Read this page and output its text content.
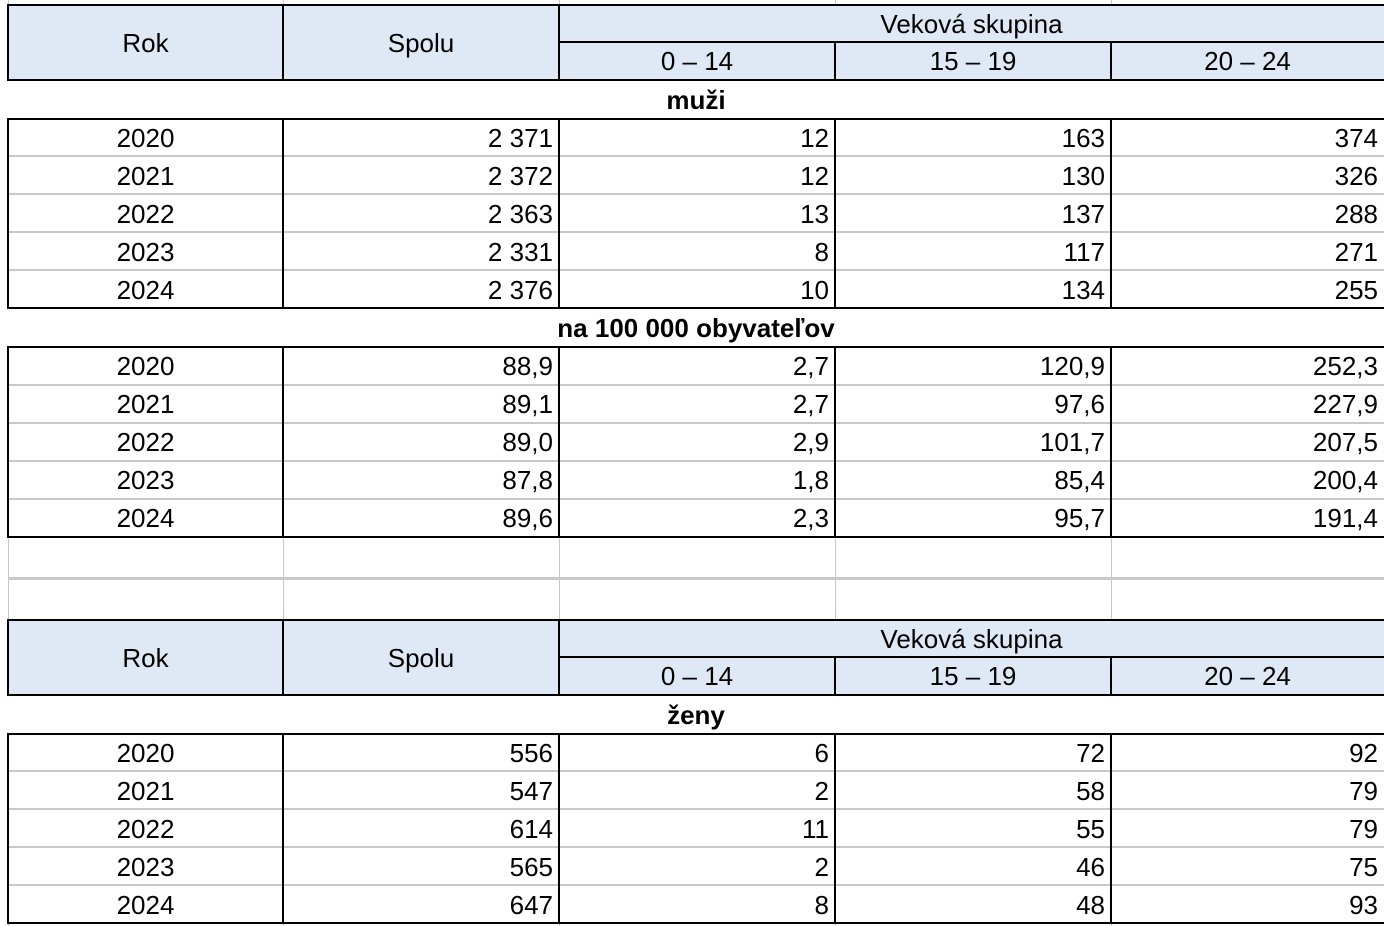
Rok	Spolu
Veková skupina
0 – 14	15 – 19	20 – 24
muži
2020	2 371	12	163	374
2021	2 372	12	130	326
2022	2 363	13	137	288
2023	2 331	8	117	271
2024	2 376	10	134	255
na 100 000 obyvateľov
2020	88,9	2,7	120,9	252,3
2021	89,1	2,7	97,6	227,9
2022	89,0	2,9	101,7	207,5
2023	87,8	1,8	85,4	200,4
2024	89,6	2,3	95,7	191,4
Rok	Spolu
Veková skupina
0 – 14	15 – 19	20 – 24
ženy
2020	556	6	72	92
2021	547	2	58	79
2022	614	11	55	79
2023	565	2	46	75
2024	647	8	48	93
